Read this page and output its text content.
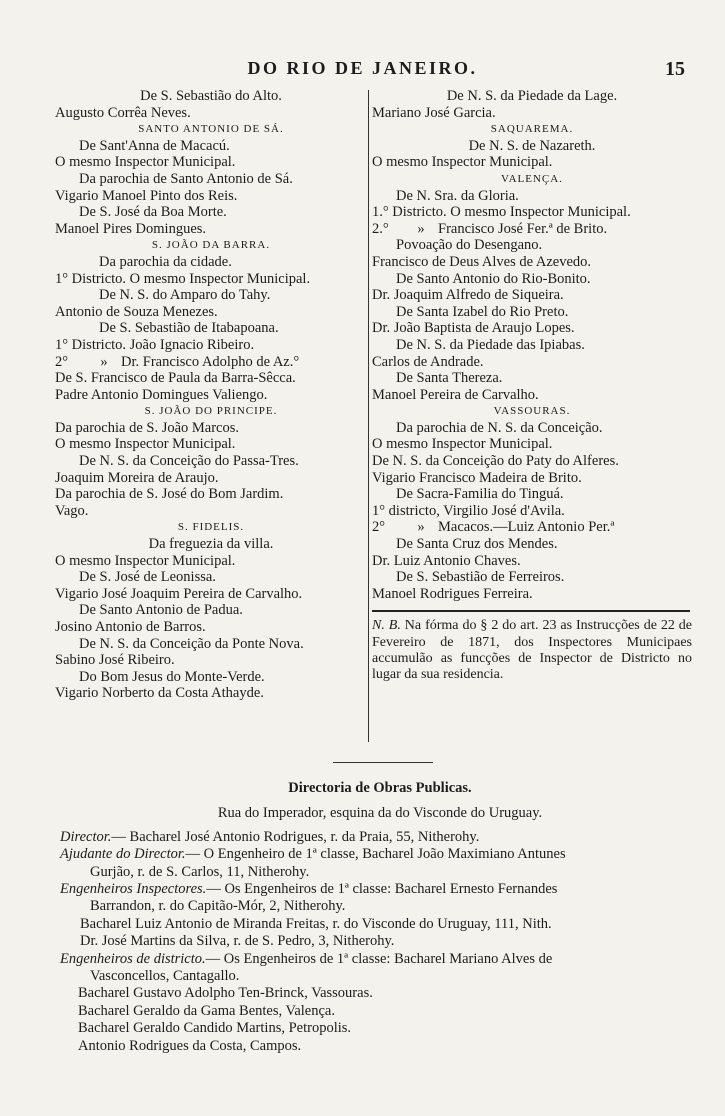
DO RIO DE JANEIRO.	15
De S. Sebastião do Alto.
Augusto Corrêa Neves.
SANTO ANTONIO DE SÁ.
De Sant'Anna de Macacú.
O mesmo Inspector Municipal.
Da parochia de Santo Antonio de Sá.
Vigario Manoel Pinto dos Reis.
De S. José da Boa Morte.
Manoel Pires Domingues.
S. JOÃO DA BARRA.
Da parochia da cidade.
1° Districto. O mesmo Inspector Municipal.
De N. S. do Amparo do Tahy.
Antonio de Souza Menezes.
De S. Sebastião de Itabapoana.
1° Districto. João Ignacio Ribeiro.
2°	» Dr. Francisco Adolpho de Az.°
De S. Francisco de Paula da Barra-Sêcca.
Padre Antonio Domingues Valiengo.
S. JOÃO DO PRINCIPE.
Da parochia de S. João Marcos.
O mesmo Inspector Municipal.
De N. S. da Conceição do Passa-Tres.
Joaquim Moreira de Araujo.
Da parochia de S. José do Bom Jardim.
Vago.
S. FIDELIS.
Da freguezia da villa.
O mesmo Inspector Municipal.
De S. José de Leonissa.
Vigario José Joaquim Pereira de Carvalho.
De Santo Antonio de Padua.
Josino Antonio de Barros.
De N. S. da Conceição da Ponte Nova.
Sabino José Ribeiro.
Do Bom Jesus do Monte-Verde.
Vigario Norberto da Costa Athayde.
De N. S. da Piedade da Lage.
Mariano José Garcia.
SAQUAREMA.
De N. S. de Nazareth.
O mesmo Inspector Municipal.
VALENÇA.
De N. Sra. da Gloria.
1.° Districto. O mesmo Inspector Municipal.
2.°	» Francisco José Fer.ª de Brito.
Povoação do Desengano.
Francisco de Deus Alves de Azevedo.
De Santo Antonio do Rio-Bonito.
Dr. Joaquim Alfredo de Siqueira.
De Santa Izabel do Rio Preto.
Dr. João Baptista de Araujo Lopes.
De N. S. da Piedade das Ipiabas.
Carlos de Andrade.
De Santa Thereza.
Manoel Pereira de Carvalho.
VASSOURAS.
Da parochia de N. S. da Conceição.
O mesmo Inspector Municipal.
De N. S. da Conceição do Paty do Alferes.
Vigario Francisco Madeira de Brito.
De Sacra-Familia do Tinguá.
1° districto, Virgilio José d'Avila.
2°	» Macacos.—Luiz Antonio Per.ª
De Santa Cruz dos Mendes.
Dr. Luiz Antonio Chaves.
De S. Sebastião de Ferreiros.
Manoel Rodrigues Ferreira.
N. B. Na fórma do § 2 do art. 23 as Instrucções de 22 de Fevereiro de 1871, dos Inspectores Municipaes accumulão as funcções de Inspector de Districto no lugar da sua residencia.
Directoria de Obras Publicas.
Rua do Imperador, esquina da do Visconde do Uruguay.
Director.— Bacharel José Antonio Rodrigues, r. da Praia, 55, Nitherohy.
Ajudante do Director.— O Engenheiro de 1ª classe, Bacharel João Maximiano Antunes
Gurjão, r. de S. Carlos, 11, Nitherohy.
Engenheiros Inspectores.— Os Engenheiros de 1ª classe: Bacharel Ernesto Fernandes
Barrandon, r. do Capitão-Mór, 2, Nitherohy.
Bacharel Luiz Antonio de Miranda Freitas, r. do Visconde do Uruguay, 111, Nith.
Dr. José Martins da Silva, r. de S. Pedro, 3, Nitherohy.
Engenheiros de districto.— Os Engenheiros de 1ª classe: Bacharel Mariano Alves de
Vasconcellos, Cantagallo.
Bacharel Gustavo Adolpho Ten-Brinck, Vassouras.
Bacharel Geraldo da Gama Bentes, Valença.
Bacharel Geraldo Candido Martins, Petropolis.
Antonio Rodrigues da Costa, Campos.
